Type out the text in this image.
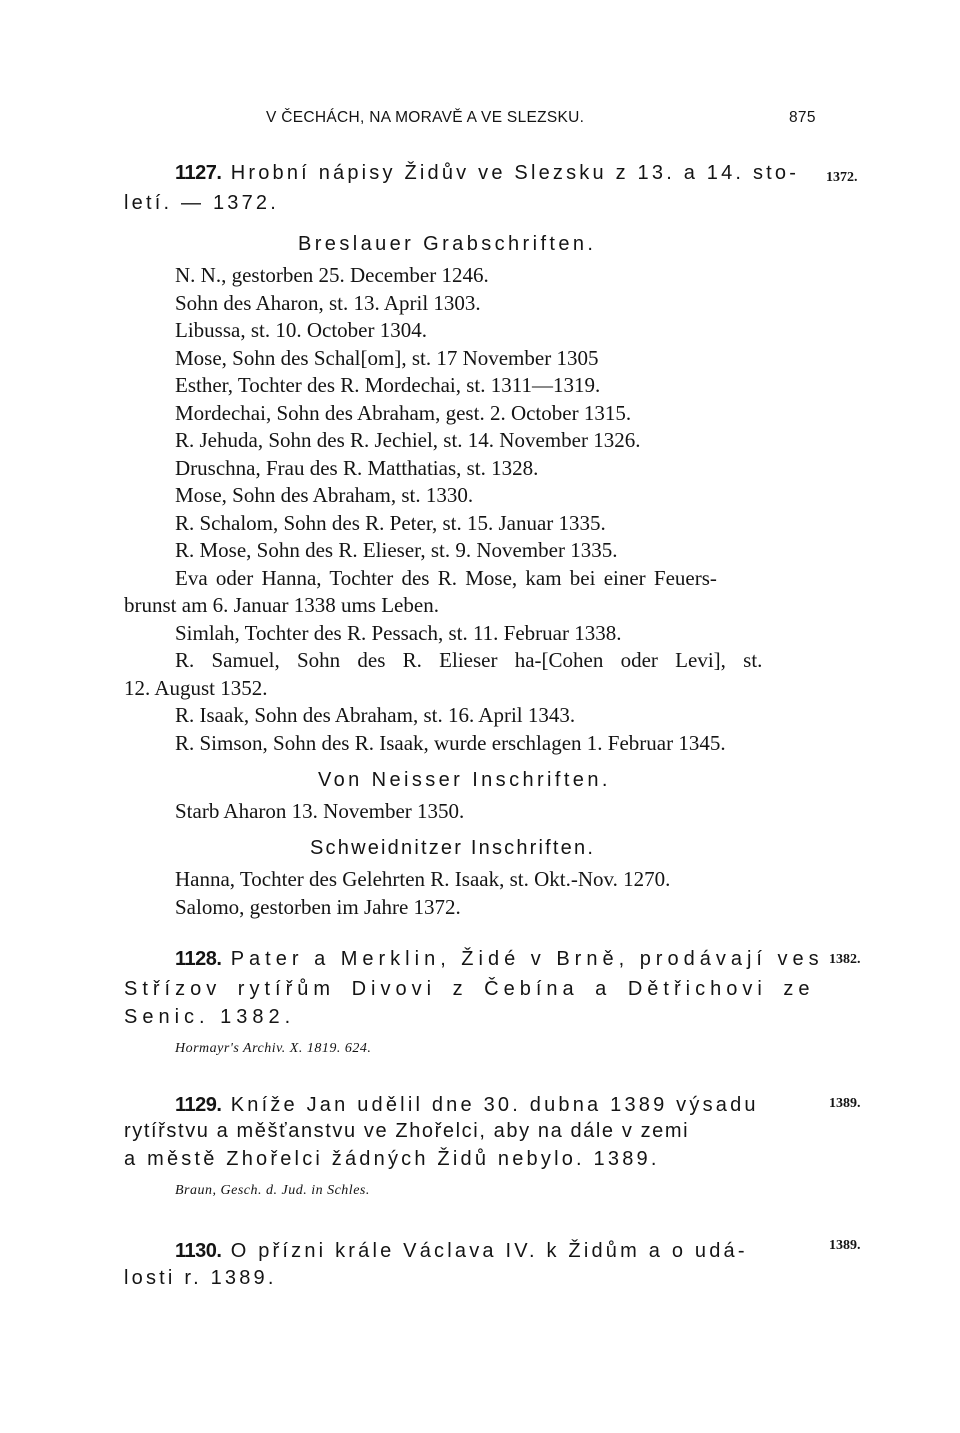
V ČECHÁCH, NA MORAVĚ A VE SLEZSKU.	875
1127. Hrobní nápisy Židův ve Slezsku z 13. a 14. sto- 1372.
letí. — 1372.
Breslauer Grabschriften.
N. N., gestorben 25. December 1246.
Sohn des Aharon, st. 13. April 1303.
Libussa, st. 10. October 1304.
Mose, Sohn des Schal[om], st. 17 November 1305
Esther, Tochter des R. Mordechai, st. 1311—1319.
Mordechai, Sohn des Abraham, gest. 2. October 1315.
R. Jehuda, Sohn des R. Jechiel, st. 14. November 1326.
Druschna, Frau des R. Matthatias, st. 1328.
Mose, Sohn des Abraham, st. 1330.
R. Schalom, Sohn des R. Peter, st. 15. Januar 1335.
R. Mose, Sohn des R. Elieser, st. 9. November 1335.
Eva oder Hanna, Tochter des R. Mose, kam bei einer Feuers-
brunst am 6. Januar 1338 ums Leben.
Simlah, Tochter des R. Pessach, st. 11. Februar 1338.
R. Samuel, Sohn des R. Elieser ha-[Cohen oder Levi], st.
12. August 1352.
R. Isaak, Sohn des Abraham, st. 16. April 1343.
R. Simson, Sohn des R. Isaak, wurde erschlagen 1. Februar 1345.
Von Neisser Inschriften.
Starb Aharon 13. November 1350.
Schweidnitzer Inschriften.
Hanna, Tochter des Gelehrten R. Isaak, st. Okt.-Nov. 1270.
Salomo, gestorben im Jahre 1372.
1128. Pater a Merklin, Židé v Brně, prodávají ves 1382.
Střízov rytířům Divovi z Čebína a Dětřichovi ze
Senic. 1382.
Hormayr's Archiv. X. 1819. 624.
1129. Kníže Jan udělil dne 30. dubna 1389 výsadu	1389.
rytířstvu a měšťanstvu ve Zhořelci, aby na dále v zemi
a městě Zhořelci žádných Židů nebylo. 1389.
Braun, Gesch. d. Jud. in Schles.
1130. O přízni krále Václava IV. k Židům a o udá-	1389.
losti r. 1389.
